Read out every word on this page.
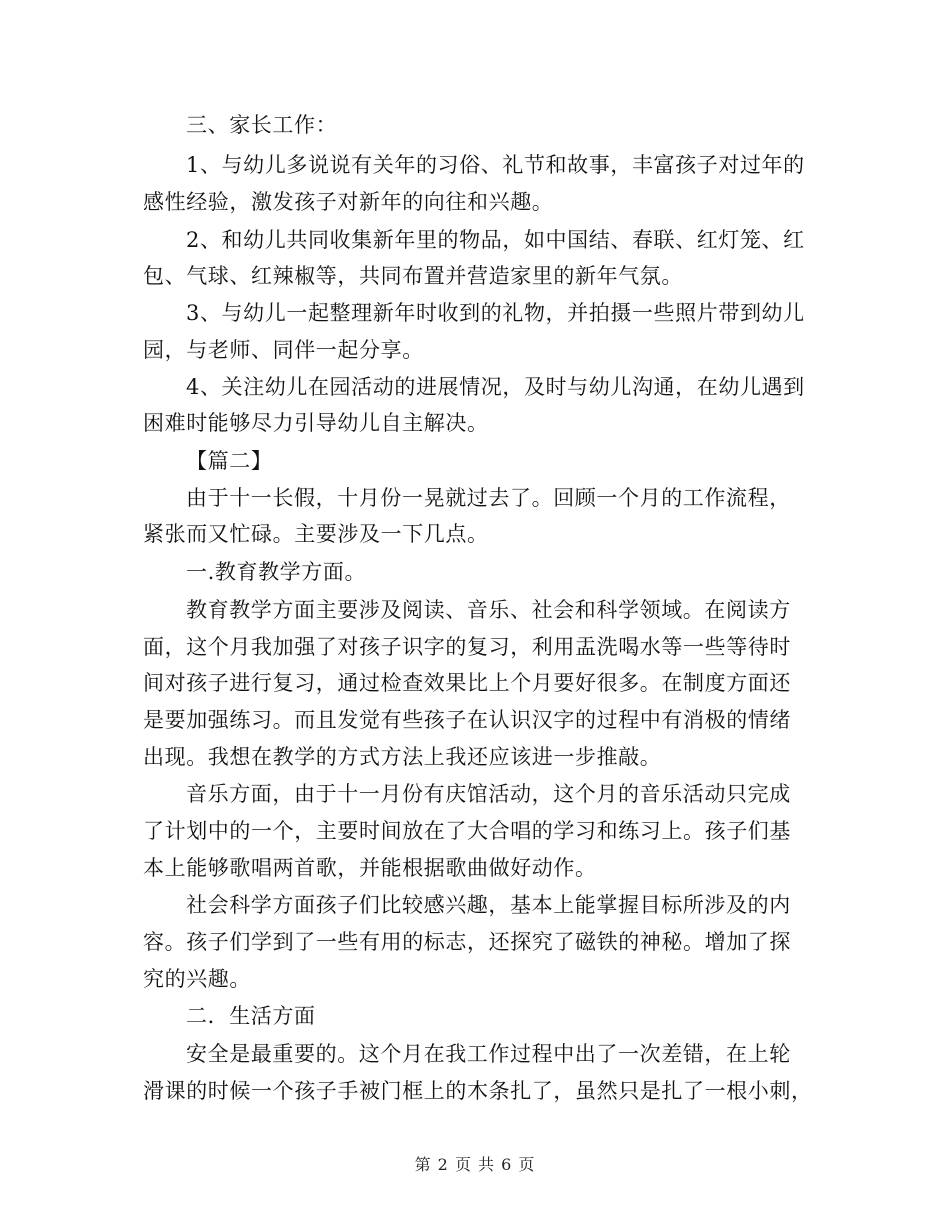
三、家长工作：
1、与幼儿多说说有关年的习俗、礼节和故事，丰富孩子对过年的
感性经验，激发孩子对新年的向往和兴趣。
2、和幼儿共同收集新年里的物品，如中国结、春联、红灯笼、红
包、气球、红辣椒等，共同布置并营造家里的新年气氛。
3、与幼儿一起整理新年时收到的礼物，并拍摄一些照片带到幼儿
园，与老师、同伴一起分享。
4、关注幼儿在园活动的进展情况，及时与幼儿沟通，在幼儿遇到
困难时能够尽力引导幼儿自主解决。
【篇二】
由于十一长假，十月份一晃就过去了。回顾一个月的工作流程，
紧张而又忙碌。主要涉及一下几点。
一.教育教学方面。
教育教学方面主要涉及阅读、音乐、社会和科学领域。在阅读方
面，这个月我加强了对孩子识字的复习，利用盂洗喝水等一些等待时
间对孩子进行复习，通过检查效果比上个月要好很多。在制度方面还
是要加强练习。而且发觉有些孩子在认识汉字的过程中有消极的情绪
出现。我想在教学的方式方法上我还应该进一步推敲。
音乐方面，由于十一月份有庆馆活动，这个月的音乐活动只完成
了计划中的一个，主要时间放在了大合唱的学习和练习上。孩子们基
本上能够歌唱两首歌，并能根据歌曲做好动作。
社会科学方面孩子们比较感兴趣，基本上能掌握目标所涉及的内
容。孩子们学到了一些有用的标志，还探究了磁铁的神秘。增加了探
究的兴趣。
二．生活方面
安全是最重要的。这个月在我工作过程中出了一次差错，在上轮
滑课的时候一个孩子手被门框上的木条扎了，虽然只是扎了一根小刺，
第 2 页 共 6 页
